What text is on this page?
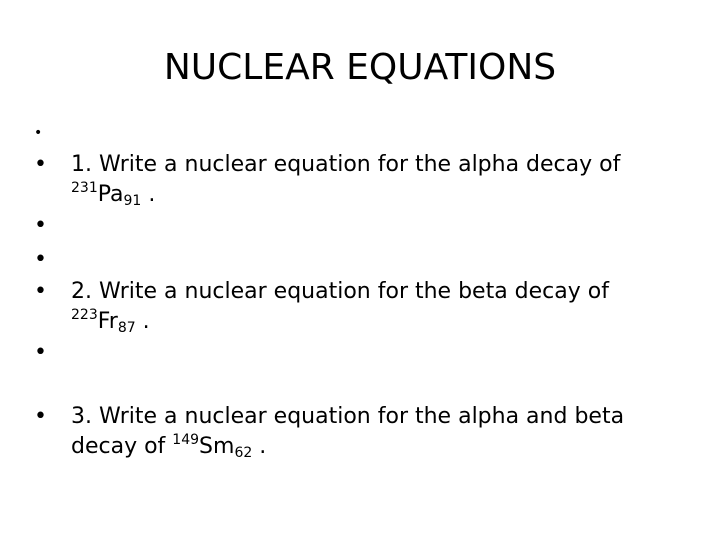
NUCLEAR EQUATIONS
•
•	1. Write a nuclear equation for the alpha decay of
$^{231}Pa_{91}$ .
•
•
•	2. Write a nuclear equation for the beta decay of
$^{223}Fr_{87}$ .
•
•	3. Write a nuclear equation for the alpha and beta
decay of $^{149}Sm_{62}$ .
